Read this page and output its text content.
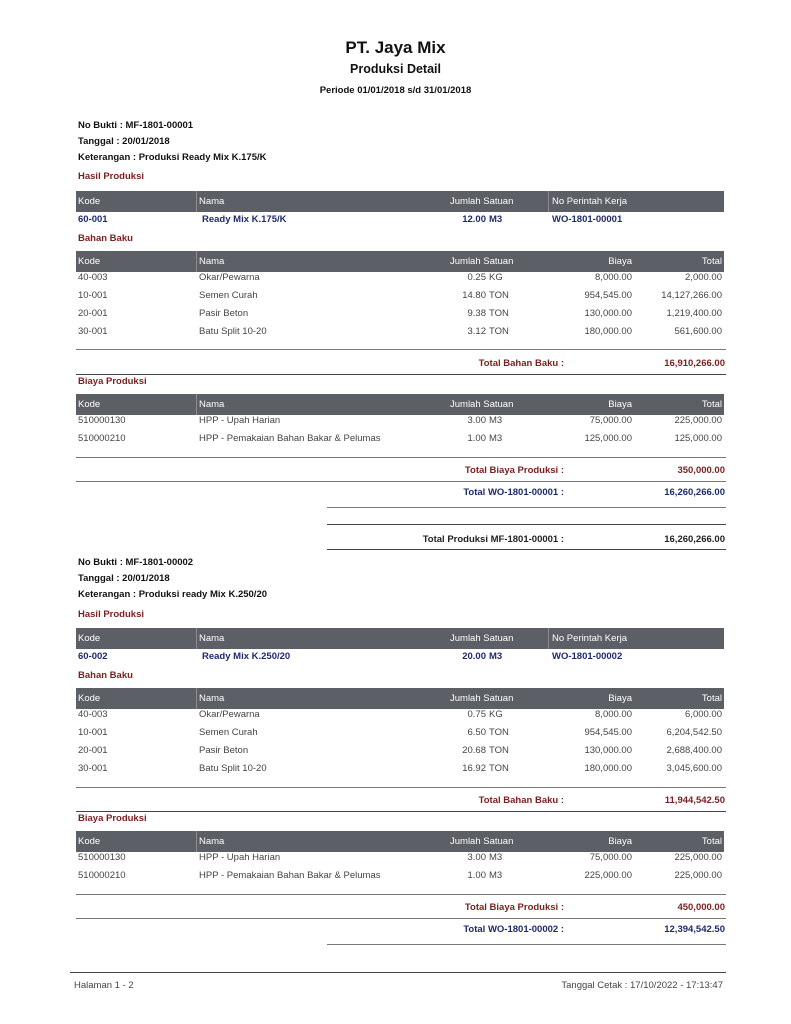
PT. Jaya Mix
Produksi Detail
Periode 01/01/2018 s/d 31/01/2018
No Bukti : MF-1801-00001
Tanggal : 20/01/2018
Keterangan : Produksi Ready Mix K.175/K
Hasil Produksi
Kode	Nama	Jumlah Satuan	No Perintah Kerja
60-001	Ready Mix K.175/K	12.00 M3	WO-1801-00001
Bahan Baku
Kode	Nama	Jumlah Satuan	Biaya	Total
40-003	Okar/Pewarna	0.25 KG	8,000.00	2,000.00
10-001	Semen Curah	14.80 TON	954,545.00	14,127,266.00
20-001	Pasir Beton	9.38 TON	130,000.00	1,219,400.00
30-001	Batu Split 10-20	3.12 TON	180,000.00	561,600.00
Total Bahan Baku :	16,910,266.00
Biaya Produksi
Kode	Nama	Jumlah Satuan	Biaya	Total
510000130	HPP - Upah Harian	3.00 M3	75,000.00	225,000.00
510000210	HPP - Pemakaian Bahan Bakar & Pelumas	1.00 M3	125,000.00	125,000.00
Total Biaya Produksi :	350,000.00
Total WO-1801-00001 :	16,260,266.00
Total Produksi MF-1801-00001 :	16,260,266.00
No Bukti : MF-1801-00002
Tanggal : 20/01/2018
Keterangan : Produksi ready Mix K.250/20
Hasil Produksi
Kode	Nama	Jumlah Satuan	No Perintah Kerja
60-002	Ready Mix K.250/20	20.00 M3	WO-1801-00002
Bahan Baku
Kode	Nama	Jumlah Satuan	Biaya	Total
40-003	Okar/Pewarna	0.75 KG	8,000.00	6,000.00
10-001	Semen Curah	6.50 TON	954,545.00	6,204,542.50
20-001	Pasir Beton	20.68 TON	130,000.00	2,688,400.00
30-001	Batu Split 10-20	16.92 TON	180,000.00	3,045,600.00
Total Bahan Baku :	11,944,542.50
Biaya Produksi
Kode	Nama	Jumlah Satuan	Biaya	Total
510000130	HPP - Upah Harian	3.00 M3	75,000.00	225,000.00
510000210	HPP - Pemakaian Bahan Bakar & Pelumas	1.00 M3	225,000.00	225,000.00
Total Biaya Produksi :	450,000.00
Total WO-1801-00002 :	12,394,542.50
Halaman 1 - 2	Tanggal Cetak : 17/10/2022 - 17:13:47
